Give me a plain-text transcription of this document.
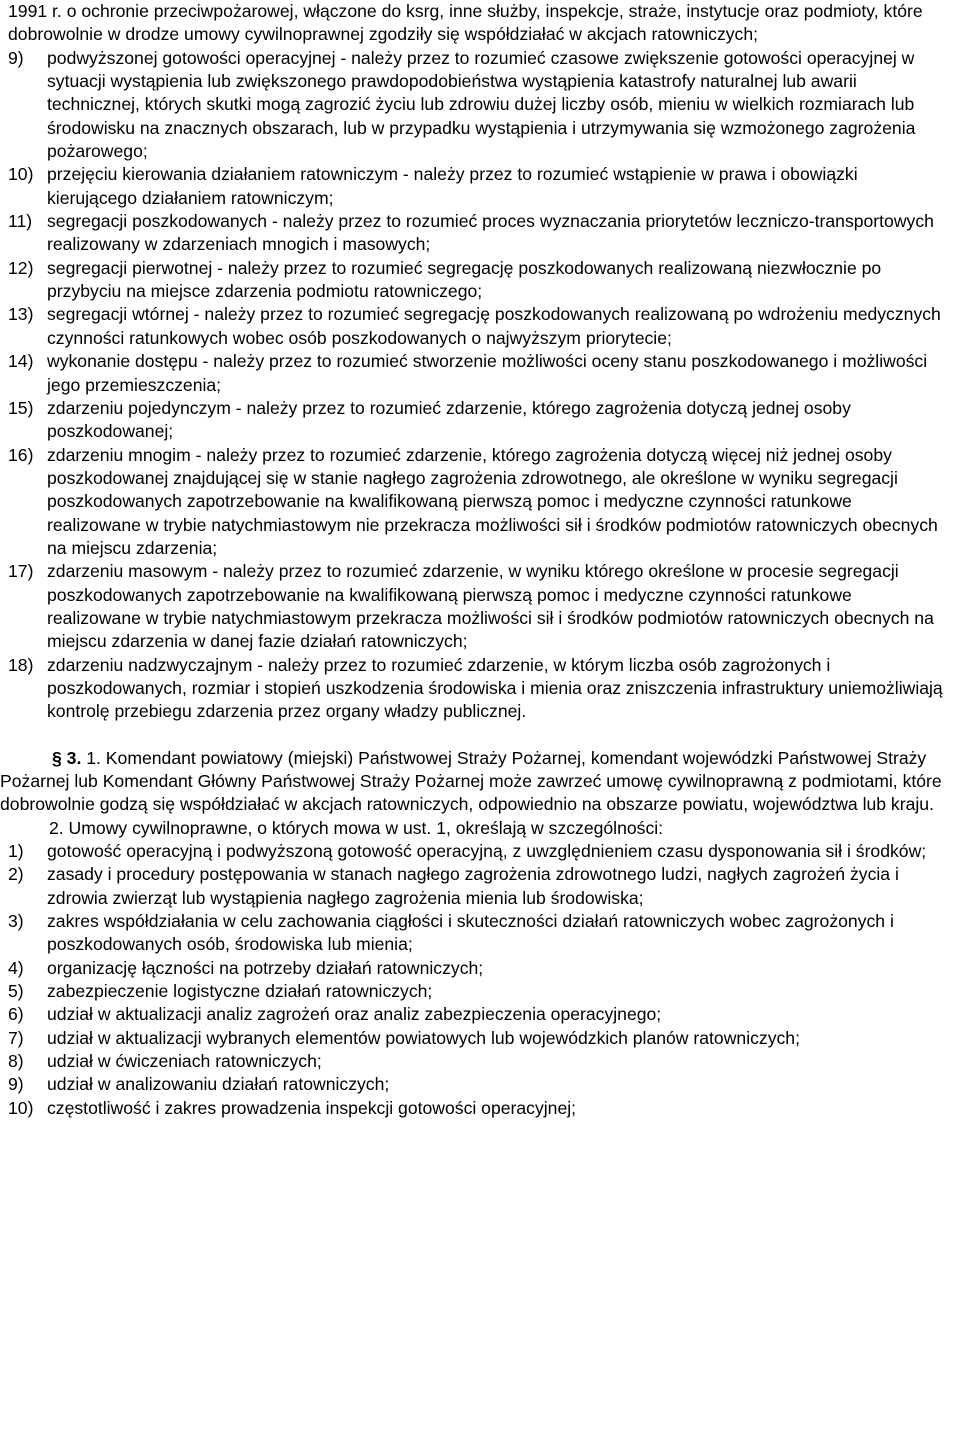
1991 r. o ochronie przeciwpożarowej, włączone do ksrg, inne służby, inspekcje, straże, instytucje oraz podmioty, które dobrowolnie w drodze umowy cywilnoprawnej zgodziły się współdziałać w akcjach ratowniczych;
9) podwyższonej gotowości operacyjnej - należy przez to rozumieć czasowe zwiększenie gotowości operacyjnej w sytuacji wystąpienia lub zwiększonego prawdopodobieństwa wystąpienia katastrofy naturalnej lub awarii technicznej, których skutki mogą zagrozić życiu lub zdrowiu dużej liczby osób, mieniu w wielkich rozmiarach lub środowisku na znacznych obszarach, lub w przypadku wystąpienia i utrzymywania się wzmożonego zagrożenia pożarowego;
10) przejęciu kierowania działaniem ratowniczym - należy przez to rozumieć wstąpienie w prawa i obowiązki kierującego działaniem ratowniczym;
11) segregacji poszkodowanych - należy przez to rozumieć proces wyznaczania priorytetów leczniczo-transportowych realizowany w zdarzeniach mnogich i masowych;
12) segregacji pierwotnej - należy przez to rozumieć segregację poszkodowanych realizowaną niezwłocznie po przybyciu na miejsce zdarzenia podmiotu ratowniczego;
13) segregacji wtórnej - należy przez to rozumieć segregację poszkodowanych realizowaną po wdrożeniu medycznych czynności ratunkowych wobec osób poszkodowanych o najwyższym priorytecie;
14) wykonanie dostępu - należy przez to rozumieć stworzenie możliwości oceny stanu poszkodowanego i możliwości jego przemieszczenia;
15) zdarzeniu pojedynczym - należy przez to rozumieć zdarzenie, którego zagrożenia dotyczą jednej osoby poszkodowanej;
16) zdarzeniu mnogim - należy przez to rozumieć zdarzenie, którego zagrożenia dotyczą więcej niż jednej osoby poszkodowanej znajdującej się w stanie nagłego zagrożenia zdrowotnego, ale określone w wyniku segregacji poszkodowanych zapotrzebowanie na kwalifikowaną pierwszą pomoc i medyczne czynności ratunkowe realizowane w trybie natychmiastowym nie przekracza możliwości sił i środków podmiotów ratowniczych obecnych na miejscu zdarzenia;
17) zdarzeniu masowym - należy przez to rozumieć zdarzenie, w wyniku którego określone w procesie segregacji poszkodowanych zapotrzebowanie na kwalifikowaną pierwszą pomoc i medyczne czynności ratunkowe realizowane w trybie natychmiastowym przekracza możliwości sił i środków podmiotów ratowniczych obecnych na miejscu zdarzenia w danej fazie działań ratowniczych;
18) zdarzeniu nadzwyczajnym - należy przez to rozumieć zdarzenie, w którym liczba osób zagrożonych i poszkodowanych, rozmiar i stopień uszkodzenia środowiska i mienia oraz zniszczenia infrastruktury uniemożliwiają kontrolę przebiegu zdarzenia przez organy władzy publicznej.
§ 3. 1. Komendant powiatowy (miejski) Państwowej Straży Pożarnej, komendant wojewódzki Państwowej Straży Pożarnej lub Komendant Główny Państwowej Straży Pożarnej może zawrzeć umowę cywilnoprawną z podmiotami, które dobrowolnie godzą się współdziałać w akcjach ratowniczych, odpowiednio na obszarze powiatu, województwa lub kraju.
2. Umowy cywilnoprawne, o których mowa w ust. 1, określają w szczególności:
1) gotowość operacyjną i podwyższoną gotowość operacyjną, z uwzględnieniem czasu dysponowania sił i środków;
2) zasady i procedury postępowania w stanach nagłego zagrożenia zdrowotnego ludzi, nagłych zagrożeń życia i zdrowia zwierząt lub wystąpienia nagłego zagrożenia mienia lub środowiska;
3) zakres współdziałania w celu zachowania ciągłości i skuteczności działań ratowniczych wobec zagrożonych i poszkodowanych osób, środowiska lub mienia;
4) organizację łączności na potrzeby działań ratowniczych;
5) zabezpieczenie logistyczne działań ratowniczych;
6) udział w aktualizacji analiz zagrożeń oraz analiz zabezpieczenia operacyjnego;
7) udział w aktualizacji wybranych elementów powiatowych lub wojewódzkich planów ratowniczych;
8) udział w ćwiczeniach ratowniczych;
9) udział w analizowaniu działań ratowniczych;
10) częstotliwość i zakres prowadzenia inspekcji gotowości operacyjnej;
